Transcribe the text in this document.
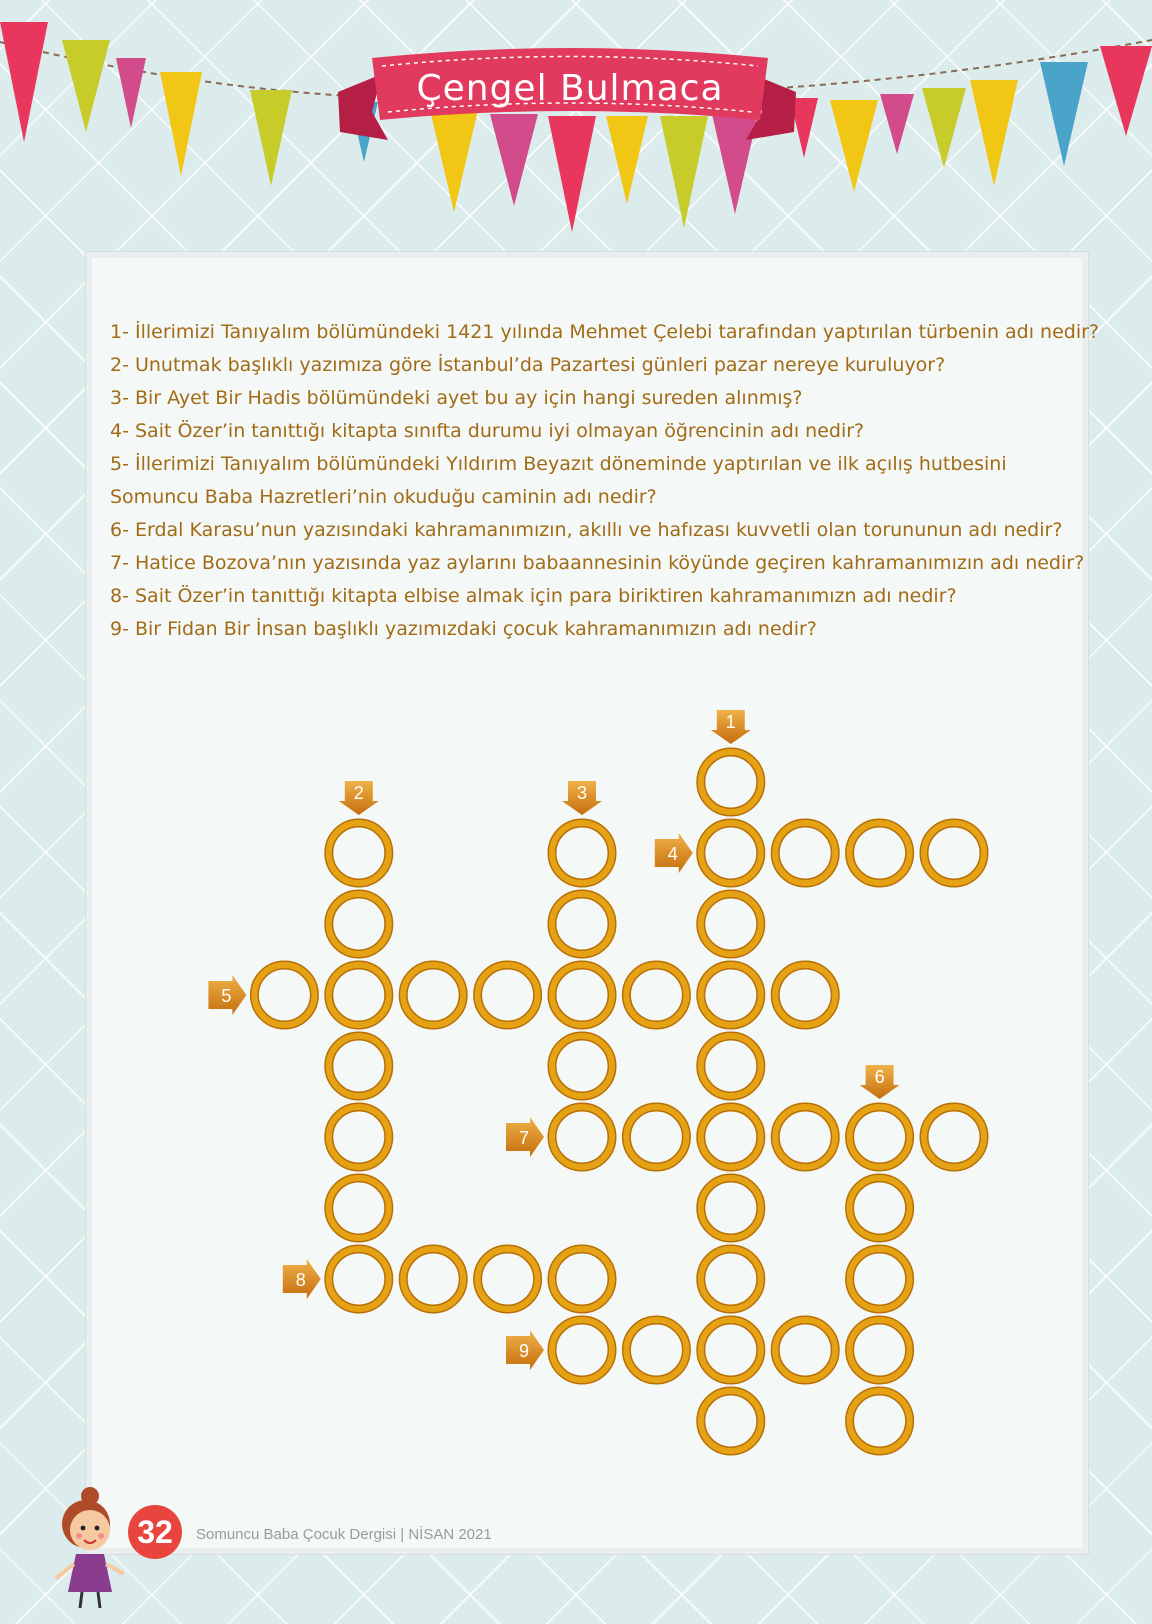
Çengel Bulmaca

1- İllerimizi Tanıyalım bölümündeki 1421 yılında Mehmet Çelebi tarafından yaptırılan türbenin adı nedir?

2- Unutmak başlıklı yazımıza göre İstanbul’da Pazartesi günleri pazar nereye kuruluyor?

3- Bir Ayet Bir Hadis bölümündeki ayet bu ay için hangi sureden alınmış?

4- Sait Özer’in tanıttığı kitapta sınıfta durumu iyi olmayan öğrencinin adı nedir?

5- İllerimizi Tanıyalım bölümündeki Yıldırım Beyazıt döneminde yaptırılan ve ilk açılış hutbesini

Somuncu Baba Hazretleri’nin okuduğu caminin adı nedir?

6- Erdal Karasu’nun yazısındaki kahramanımızın, akıllı ve hafızası kuvvetli olan torununun adı nedir?

7- Hatice Bozova’nın yazısında yaz aylarını babaannesinin köyünde geçiren kahramanımızın adı nedir?

8- Sait Özer’in tanıttığı kitapta elbise almak için para biriktiren kahramanımızn adı nedir?

9- Bir Fidan Bir İnsan başlıklı yazımızdaki çocuk kahramanımızın adı nedir?

1
2	3
4
5
6
7
8
9
32	Somuncu Baba Çocuk Dergisi | NİSAN 2021
